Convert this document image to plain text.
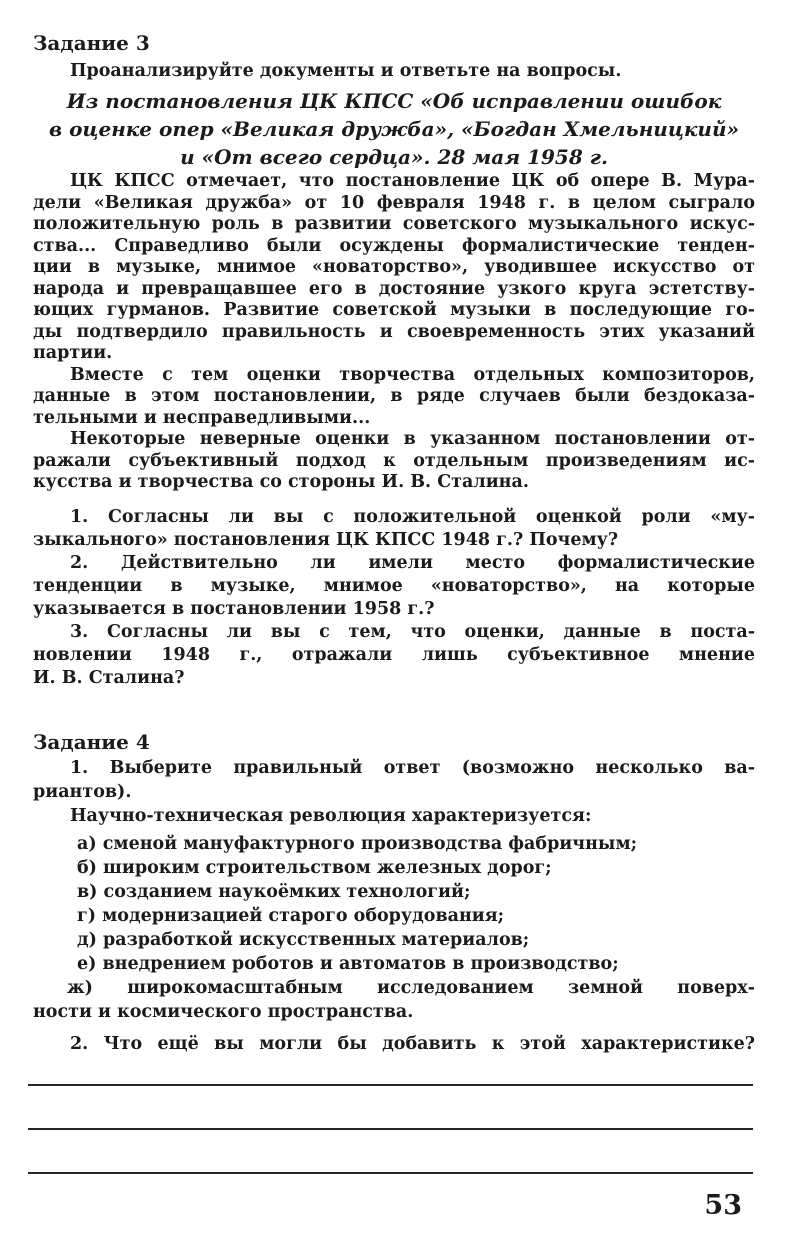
Задание 3
Проанализируйте документы и ответьте на вопросы.
Из постановления ЦК КПСС «Об исправлении ошибок
в оценке опер «Великая дружба», «Богдан Хмельницкий»
и «От всего сердца». 28 мая 1958 г.
ЦК КПСС отмечает, что постановление ЦК об опере В. Мура-
дели «Великая дружба» от 10 февраля 1948 г. в целом сыграло
положительную роль в развитии советского музыкального искус-
ства... Справедливо были осуждены формалистические тенден-
ции в музыке, мнимое «новаторство», уводившее искусство от
народа и превращавшее его в достояние узкого круга эстетству-
ющих гурманов. Развитие советской музыки в последующие го-
ды подтвердило правильность и своевременность этих указаний
партии.
Вместе с тем оценки творчества отдельных композиторов,
данные в этом постановлении, в ряде случаев были бездоказа-
тельными и несправедливыми...
Некоторые неверные оценки в указанном постановлении от-
ражали субъективный подход к отдельным произведениям ис-
кусства и творчества со стороны И. В. Сталина.
1. Согласны ли вы с положительной оценкой роли «му-
зыкального» постановления ЦК КПСС 1948 г.? Почему?
2. Действительно ли имели место формалистические
тенденции в музыке, мнимое «новаторство», на которые
указывается в постановлении 1958 г.?
3. Согласны ли вы с тем, что оценки, данные в поста-
новлении 1948 г., отражали лишь субъективное мнение
И. В. Сталина?
Задание 4
1. Выберите правильный ответ (возможно несколько ва-
риантов).
Научно-техническая революция характеризуется:
а) сменой мануфактурного производства фабричным;
б) широким строительством железных дорог;
в) созданием наукоёмких технологий;
г) модернизацией старого оборудования;
д) разработкой искусственных материалов;
е) внедрением роботов и автоматов в производство;
ж) широкомасштабным исследованием земной поверх-
ности и космического пространства.
2. Что ещё вы могли бы добавить к этой характеристике?
53
